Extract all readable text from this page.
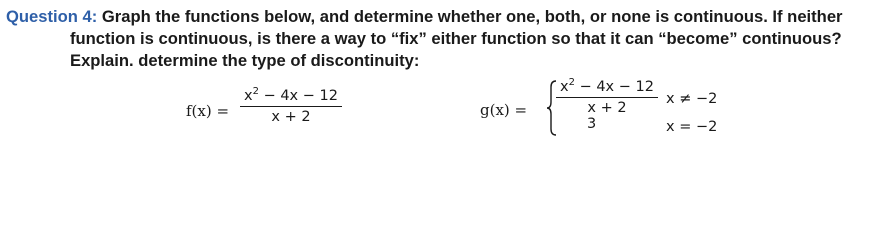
Question 4: Graph the functions below, and determine whether one, both, or none is continuous. If neither
function is continuous, is there a way to “fix” either function so that it can “become” continuous?
Explain. determine the type of discontinuity:
f(x) =
$x^2 - 4x - 12$
x + 2	g(x) =
$x^2 - 4x - 12$
x + 2
3
x ≠ −2
x = −2
